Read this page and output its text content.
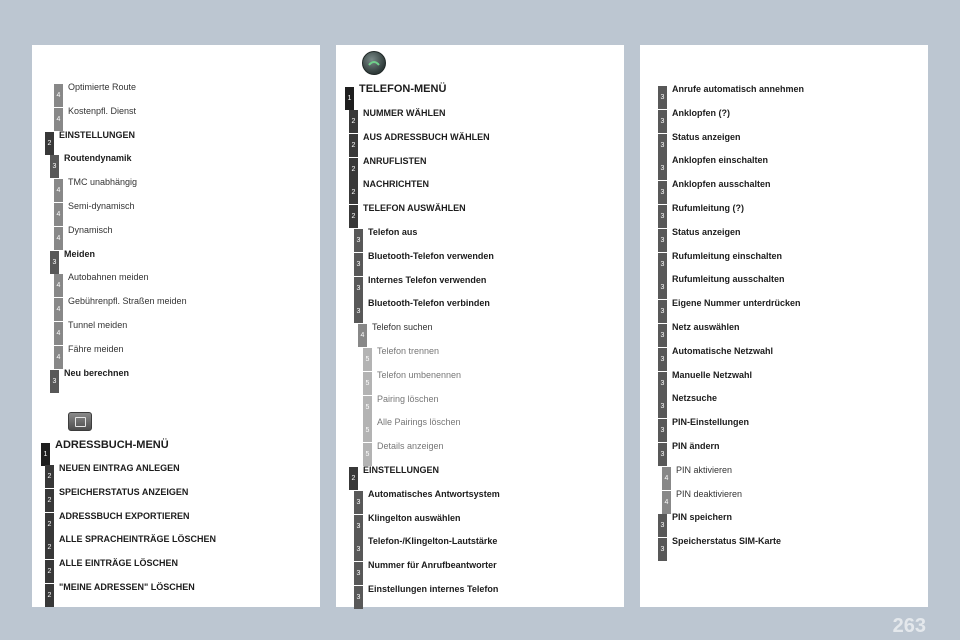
4
Optimierte Route
4
Kostenpfl. Dienst
2
EINSTELLUNGEN
3
Routendynamik
4
TMC unabhängig
4
Semi-dynamisch
4
Dynamisch
3
Meiden
4
Autobahnen meiden
4
Gebührenpfl. Straßen meiden
4
Tunnel meiden
4
Fähre meiden
3
Neu berechnen
1
ADRESSBUCH-MENÜ
2
NEUEN EINTRAG ANLEGEN
2
SPEICHERSTATUS ANZEIGEN
2
ADRESSBUCH EXPORTIEREN
2
ALLE SPRACHEINTRÄGE LÖSCHEN
2
ALLE EINTRÄGE LÖSCHEN
2
"MEINE ADRESSEN" LÖSCHEN
1
TELEFON-MENÜ
2
NUMMER WÄHLEN
2
AUS ADRESSBUCH WÄHLEN
2
ANRUFLISTEN
2
NACHRICHTEN
2
TELEFON AUSWÄHLEN
3
Telefon aus
3
Bluetooth-Telefon verwenden
3
Internes Telefon verwenden
3
Bluetooth-Telefon verbinden
4
Telefon suchen
5
Telefon trennen
5
Telefon umbenennen
5
Pairing löschen
5
Alle Pairings löschen
5
Details anzeigen
2
EINSTELLUNGEN
3
Automatisches Antwortsystem
3
Klingelton auswählen
3
Telefon-/Klingelton-Lautstärke
3
Nummer für Anrufbeantworter
3
Einstellungen internes Telefon
3
Anrufe automatisch annehmen
3
Anklopfen (?)
3
Status anzeigen
3
Anklopfen einschalten
3
Anklopfen ausschalten
3
Rufumleitung (?)
3
Status anzeigen
3
Rufumleitung einschalten
3
Rufumleitung ausschalten
3
Eigene Nummer unterdrücken
3
Netz auswählen
3
Automatische Netzwahl
3
Manuelle Netzwahl
3
Netzsuche
3
PIN-Einstellungen
3
PIN ändern
4
PIN aktivieren
4
PIN deaktivieren
3
PIN speichern
3
Speicherstatus SIM-Karte
263
